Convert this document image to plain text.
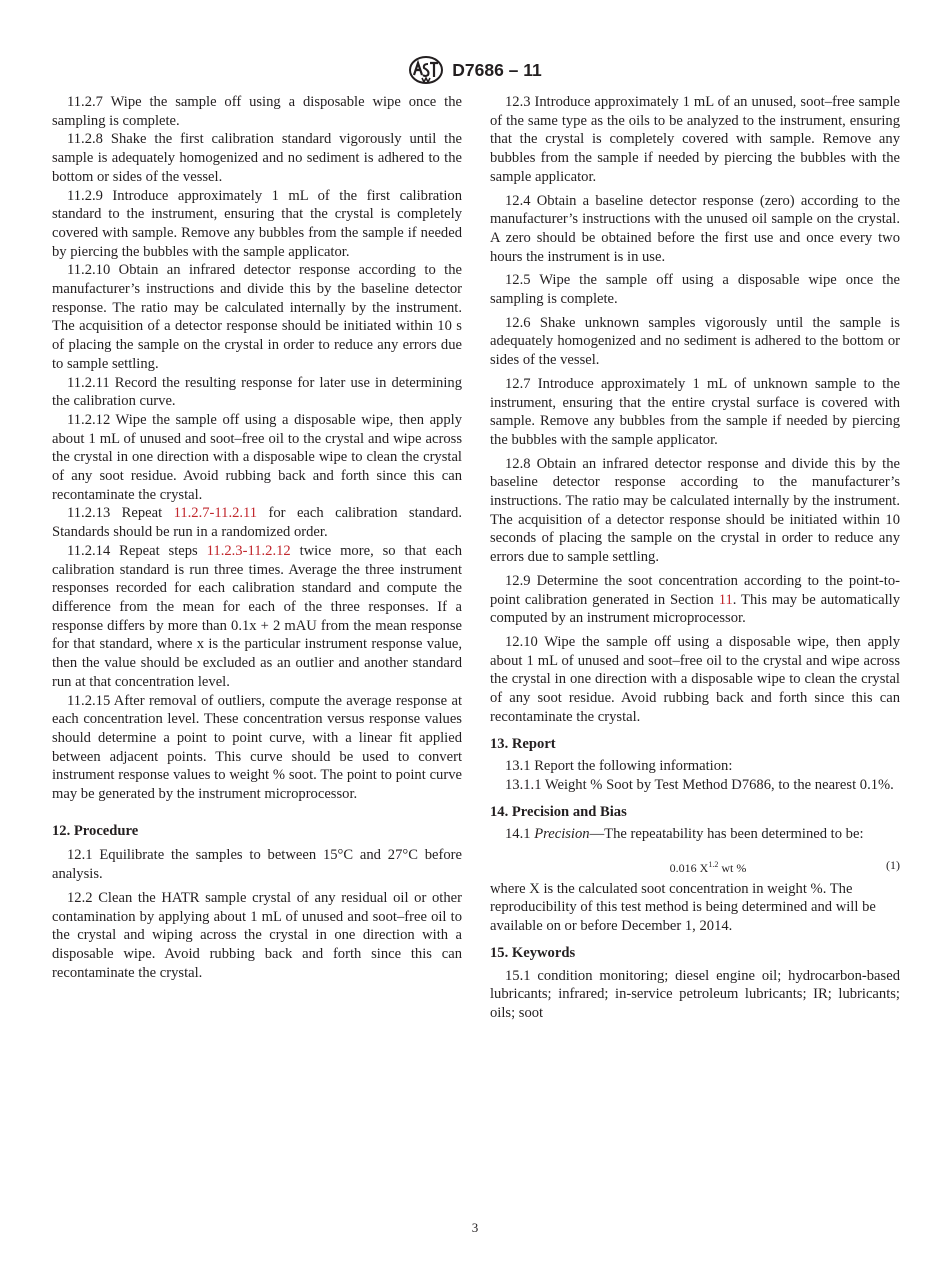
D7686 – 11

11.2.7 Wipe the sample off using a disposable wipe once the sampling is complete.

11.2.8 Shake the first calibration standard vigorously until the sample is adequately homogenized and no sediment is adhered to the bottom or sides of the vessel.

11.2.9 Introduce approximately 1 mL of the first calibration standard to the instrument, ensuring that the crystal is completely covered with sample. Remove any bubbles from the sample if needed by piercing the bubbles with the sample applicator.

11.2.10 Obtain an infrared detector response according to the manufacturer’s instructions and divide this by the baseline detector response. The ratio may be calculated internally by the instrument. The acquisition of a detector response should be initiated within 10 s of placing the sample on the crystal in order to reduce any errors due to sample settling.

11.2.11 Record the resulting response for later use in determining the calibration curve.

11.2.12 Wipe the sample off using a disposable wipe, then apply about 1 mL of unused and soot–free oil to the crystal and wipe across the crystal in one direction with a disposable wipe to clean the crystal of any soot residue. Avoid rubbing back and forth since this can recontaminate the crystal.

11.2.13 Repeat 11.2.7-11.2.11 for each calibration standard. Standards should be run in a randomized order.

11.2.14 Repeat steps 11.2.3-11.2.12 twice more, so that each calibration standard is run three times. Average the three instrument responses recorded for each calibration standard and compute the difference from the mean for each of the three responses. If a response differs by more than 0.1x + 2 mAU from the mean response for that standard, where x is the particular instrument response value, then the value should be excluded as an outlier and another standard run at that concentration level.

11.2.15 After removal of outliers, compute the average response at each concentration level. These concentration versus response values should determine a point to point curve, with a linear fit applied between adjacent points. This curve should be used to convert instrument response values to weight % soot. The point to point curve may be generated by the instrument microprocessor.

12. Procedure

12.1 Equilibrate the samples to between 15°C and 27°C before analysis.

12.2 Clean the HATR sample crystal of any residual oil or other contamination by applying about 1 mL of unused and soot–free oil to the crystal and wiping across the crystal in one direction with a disposable wipe. Avoid rubbing back and forth since this can recontaminate the crystal.

12.3 Introduce approximately 1 mL of an unused, soot–free sample of the same type as the oils to be analyzed to the instrument, ensuring that the crystal is completely covered with sample. Remove any bubbles from the sample if needed by piercing the bubbles with the sample applicator.

12.4 Obtain a baseline detector response (zero) according to the manufacturer’s instructions with the unused oil sample on the crystal. A zero should be obtained before the first use and once every two hours the instrument is in use.

12.5 Wipe the sample off using a disposable wipe once the sampling is complete.

12.6 Shake unknown samples vigorously until the sample is adequately homogenized and no sediment is adhered to the bottom or sides of the vessel.

12.7 Introduce approximately 1 mL of unknown sample to the instrument, ensuring that the entire crystal surface is covered with sample. Remove any bubbles from the sample if needed by piercing the bubbles with the sample applicator.

12.8 Obtain an infrared detector response and divide this by the baseline detector response according to the manufacturer’s instructions. The ratio may be calculated internally by the instrument. The acquisition of a detector response should be initiated within 10 seconds of placing the sample on the crystal in order to reduce any errors due to sample settling.

12.9 Determine the soot concentration according to the point-to-point calibration generated in Section 11. This may be automatically computed by an instrument microprocessor.

12.10 Wipe the sample off using a disposable wipe, then apply about 1 mL of unused and soot–free oil to the crystal and wipe across the crystal in one direction with a disposable wipe to clean the crystal of any soot residue. Avoid rubbing back and forth since this can recontaminate the crystal.

13. Report

13.1 Report the following information:

13.1.1 Weight % Soot by Test Method D7686, to the nearest 0.1%.

14. Precision and Bias

14.1 Precision—The repeatability has been determined to be:

0.016 $X^{1.2}$ wt %	(1)

where X is the calculated soot concentration in weight %. The reproducibility of this test method is being determined and will be available on or before December 1, 2014.

15. Keywords

15.1 condition monitoring; diesel engine oil; hydrocarbon-based lubricants; infrared; in-service petroleum lubricants; IR; lubricants; oils; soot

3
